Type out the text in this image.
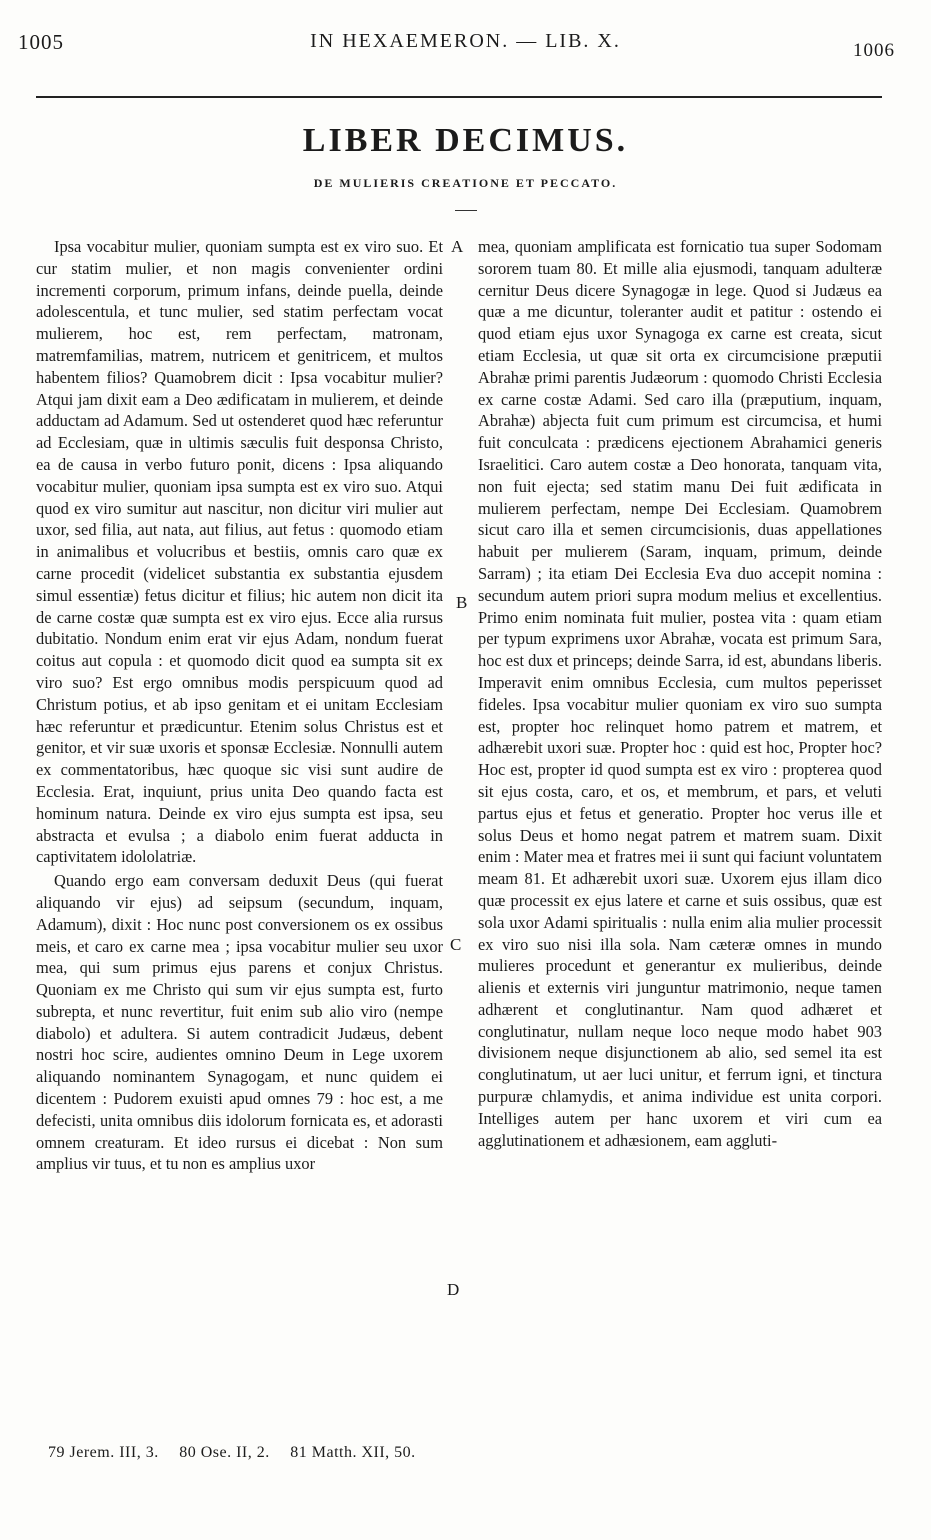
1005	IN HEXAEMERON. — LIB. X.	1006
LIBER DECIMUS.
DE MULIERIS CREATIONE ET PECCATO.

Ipsa vocabitur mulier, quoniam sumpta est ex viro suo. Et cur statim mulier, et non magis convenienter ordini incrementi corporum, primum infans, deinde puella, deinde adolescentula, et tunc mulier, sed statim perfectam vocat mulierem, hoc est, rem perfectam, matronam, matremfamilias, matrem, nutricem et genitricem, et multos habentem filios? Quamobrem dicit : Ipsa vocabitur mulier? Atqui jam dixit eam a Deo ædificatam in mulierem, et deinde adductam ad Adamum. Sed ut ostenderet quod hæc referuntur ad Ecclesiam, quæ in ultimis sæculis fuit desponsa Christo, ea de causa in verbo futuro ponit, dicens : Ipsa aliquando vocabitur mulier, quoniam ipsa sumpta est ex viro suo. Atqui quod ex viro sumitur aut nascitur, non dicitur viri mulier aut uxor, sed filia, aut nata, aut filius, aut fetus : quomodo etiam in animalibus et volucribus et bestiis, omnis caro quæ ex carne procedit (videlicet substantia ex substantia ejusdem simul essentiæ) fetus dicitur et filius; hic autem non dicit ita de carne costæ quæ sumpta est ex viro ejus. Ecce alia rursus dubitatio. Nondum enim erat vir ejus Adam, nondum fuerat coitus aut copula : et quomodo dicit quod ea sumpta sit ex viro suo? Est ergo omnibus modis perspicuum quod ad Christum potius, et ab ipso genitam et ei unitam Ecclesiam hæc referuntur et prædicuntur. Etenim solus Christus est et genitor, et vir suæ uxoris et sponsæ Ecclesiæ. Nonnulli autem ex commentatoribus, hæc quoque sic visi sunt audire de Ecclesia. Erat, inquiunt, prius unita Deo quando facta est hominum natura. Deinde ex viro ejus sumpta est ipsa, seu abstracta et evulsa ; a diabolo enim fuerat adducta in captivitatem idololatriæ.

Quando ergo eam conversam deduxit Deus (qui fuerat aliquando vir ejus) ad seipsum (secundum, inquam, Adamum), dixit : Hoc nunc post conversionem os ex ossibus meis, et caro ex carne mea ; ipsa vocabitur mulier seu uxor mea, qui sum primus ejus parens et conjux Christus. Quoniam ex me Christo qui sum vir ejus sumpta est, furto subrepta, et nunc revertitur, fuit enim sub alio viro (nempe diabolo) et adultera. Si autem contradicit Judæus, debent nostri hoc scire, audientes omnino Deum in Lege uxorem aliquando nominantem Synagogam, et nunc quidem ei dicentem : Pudorem exuisti apud omnes 79 : hoc est, a me defecisti, unita omnibus diis idolorum fornicata es, et adorasti omnem creaturam. Et ideo rursus ei dicebat : Non sum amplius vir tuus, et tu non es amplius uxor

mea, quoniam amplificata est fornicatio tua super Sodomam sororem tuam 80. Et mille alia ejusmodi, tanquam adulteræ cernitur Deus dicere Synagogæ in lege. Quod si Judæus ea quæ a me dicuntur, toleranter audit et patitur : ostendo ei quod etiam ejus uxor Synagoga ex carne est creata, sicut etiam Ecclesia, ut quæ sit orta ex circumcisione præputii Abrahæ primi parentis Judæorum : quomodo Christi Ecclesia ex carne costæ Adami. Sed caro illa (præputium, inquam, Abrahæ) abjecta fuit cum primum est circumcisa, et humi fuit conculcata : prædicens ejectionem Abrahamici generis Israelitici. Caro autem costæ a Deo honorata, tanquam vita, non fuit ejecta; sed statim manu Dei fuit ædificata in mulierem perfectam, nempe Dei Ecclesiam. Quamobrem sicut caro illa et semen circumcisionis, duas appellationes habuit per mulierem (Saram, inquam, primum, deinde Sarram) ; ita etiam Dei Ecclesia Eva duo accepit nomina : secundum autem priori supra modum melius et excellentius. Primo enim nominata fuit mulier, postea vita : quam etiam per typum exprimens uxor Abrahæ, vocata est primum Sara, hoc est dux et princeps; deinde Sarra, id est, abundans liberis. Imperavit enim omnibus Ecclesia, cum multos peperisset fideles. Ipsa vocabitur mulier quoniam ex viro suo sumpta est, propter hoc relinquet homo patrem et matrem, et adhærebit uxori suæ. Propter hoc : quid est hoc, Propter hoc? Hoc est, propter id quod sumpta est ex viro : propterea quod sit ejus costa, caro, et os, et membrum, et pars, et veluti partus ejus et fetus et generatio. Propter hoc verus ille et solus Deus et homo negat patrem et matrem suam. Dixit enim : Mater mea et fratres mei ii sunt qui faciunt voluntatem meam 81. Et adhærebit uxori suæ. Uxorem ejus illam dico quæ processit ex ejus latere et carne et suis ossibus, quæ est sola uxor Adami spiritualis : nulla enim alia mulier processit ex viro suo nisi illa sola. Nam cæteræ omnes in mundo mulieres procedunt et generantur ex mulieribus, deinde alienis et externis viri junguntur matrimonio, neque tamen adhærent et conglutinantur. Nam quod adhæret et conglutinatur, nullam neque loco neque modo habet 903 divisionem neque disjunctionem ab alio, sed semel ita est conglutinatum, ut aer luci unitur, et ferrum igni, et tinctura purpuræ chlamydis, et anima individue est unita corpori. Intelliges autem per hanc uxorem et viri cum ea agglutinationem et adhæsionem, eam aggluti-

A
B
C
D
79 Jerem. III, 3. 80 Ose. II, 2. 81 Matth. XII, 50.
